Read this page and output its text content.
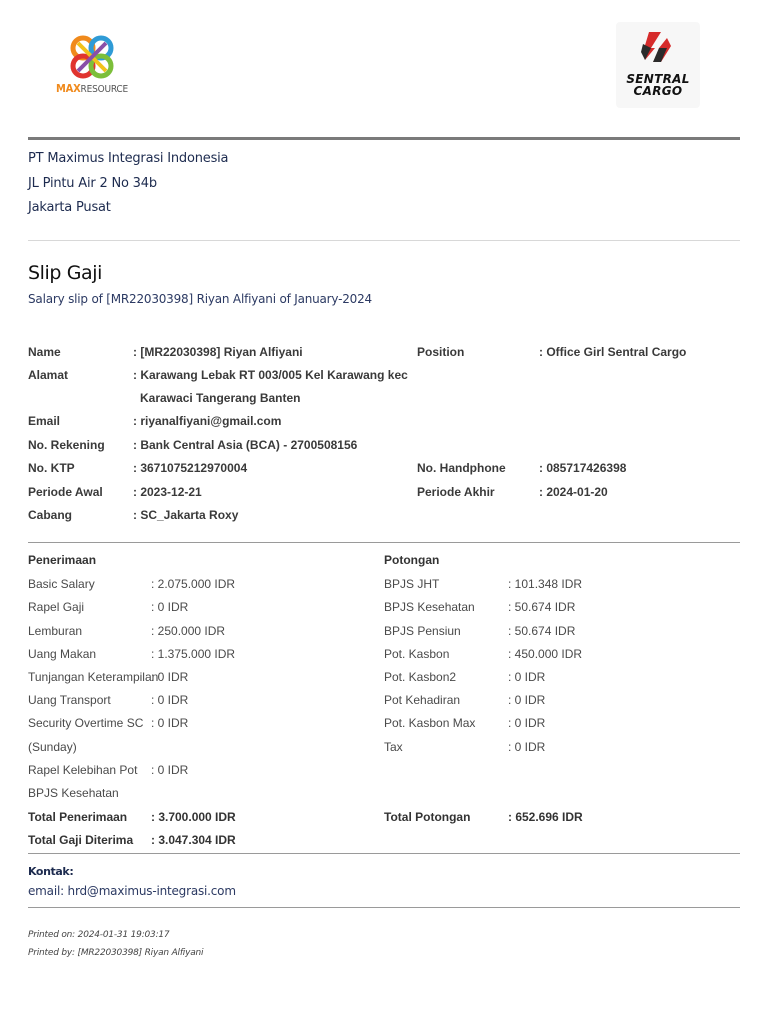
MAXRESOURCE
SENTRAL
CARGO
PT Maximus Integrasi Indonesia
JL Pintu Air 2 No 34b
Jakarta Pusat
Slip Gaji
Salary slip of [MR22030398] Riyan Alfiyani of January-2024
Name	: [MR22030398] Riyan Alfiyani	Position	: Office Girl Sentral Cargo
Alamat	: Karawang Lebak RT 003/005 Kel Karawang kec
Karawaci Tangerang Banten
Email	: riyanalfiyani@gmail.com
No. Rekening : Bank Central Asia (BCA) - 2700508156
No. KTP	: 3671075212970004	No. Handphone	: 085717426398
Periode Awal	: 2023-12-21	Periode Akhir	: 2024-01-20
Cabang	: SC_Jakarta Roxy
Penerimaan
Basic Salary	: 2.075.000 IDR
Rapel Gaji	: 0 IDR
Lemburan	: 250.000 IDR
Uang Makan	: 1.375.000 IDR
Tunjangan Keterampilan
: 0 IDR
Uang Transport	: 0 IDR
Security Overtime SC
(Sunday)
: 0 IDR
Rapel Kelebihan Pot
BPJS Kesehatan
: 0 IDR
Total Penerimaan : 3.700.000 IDR
Total Gaji Diterima : 3.047.304 IDR
Potongan
BPJS JHT	: 101.348 IDR
BPJS Kesehatan	: 50.674 IDR
BPJS Pensiun	: 50.674 IDR
Pot. Kasbon	: 450.000 IDR
Pot. Kasbon2	: 0 IDR
Pot Kehadiran	: 0 IDR
Pot. Kasbon Max	: 0 IDR
Tax	: 0 IDR
Total Potongan	: 652.696 IDR
Kontak:
email: hrd@maximus-integrasi.com
Printed on: 2024-01-31 19:03:17
Printed by: [MR22030398] Riyan Alfiyani
